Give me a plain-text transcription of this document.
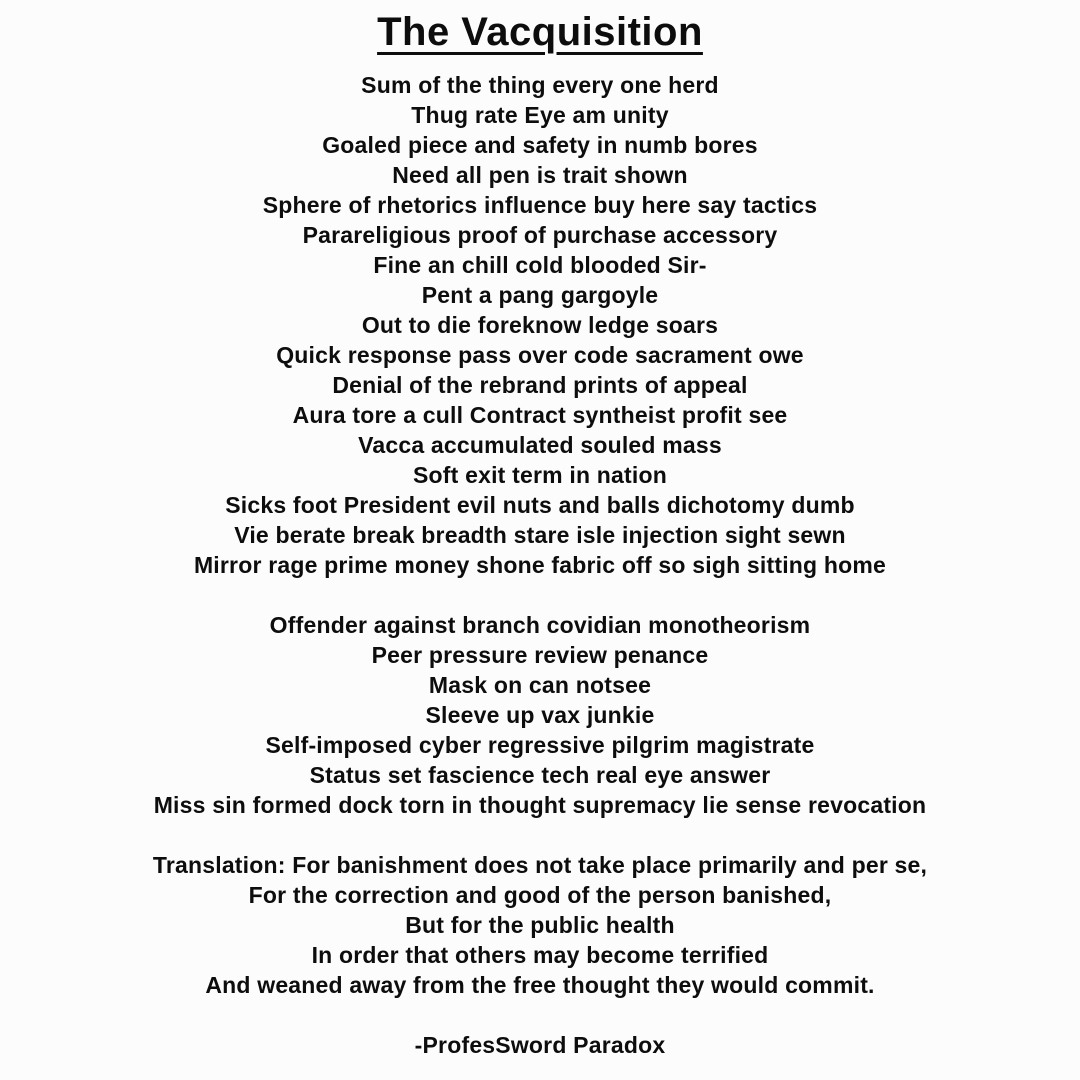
The Vacquisition
Sum of the thing every one herd
Thug rate Eye am unity
Goaled piece and safety in numb bores
Need all pen is trait shown
Sphere of rhetorics influence buy here say tactics
Parareligious proof of purchase accessory
Fine an chill cold blooded Sir-
Pent a pang gargoyle
Out to die foreknow ledge soars
Quick response pass over code sacrament owe
Denial of the rebrand prints of appeal
Aura tore a cull Contract syntheist profit see
Vacca accumulated souled mass
Soft exit term in nation
Sicks foot President evil nuts and balls dichotomy dumb
Vie berate break breadth stare isle injection sight sewn
Mirror rage prime money shone fabric off so sigh sitting home
Offender against branch covidian monotheorism
Peer pressure review penance
Mask on can notsee
Sleeve up vax junkie
Self-imposed cyber regressive pilgrim magistrate
Status set fascience tech real eye answer
Miss sin formed dock torn in thought supremacy lie sense revocation
Translation: For banishment does not take place primarily and per se,
For the correction and good of the person banished,
But for the public health
In order that others may become terrified
And weaned away from the free thought they would commit.
-ProfesSword Paradox
